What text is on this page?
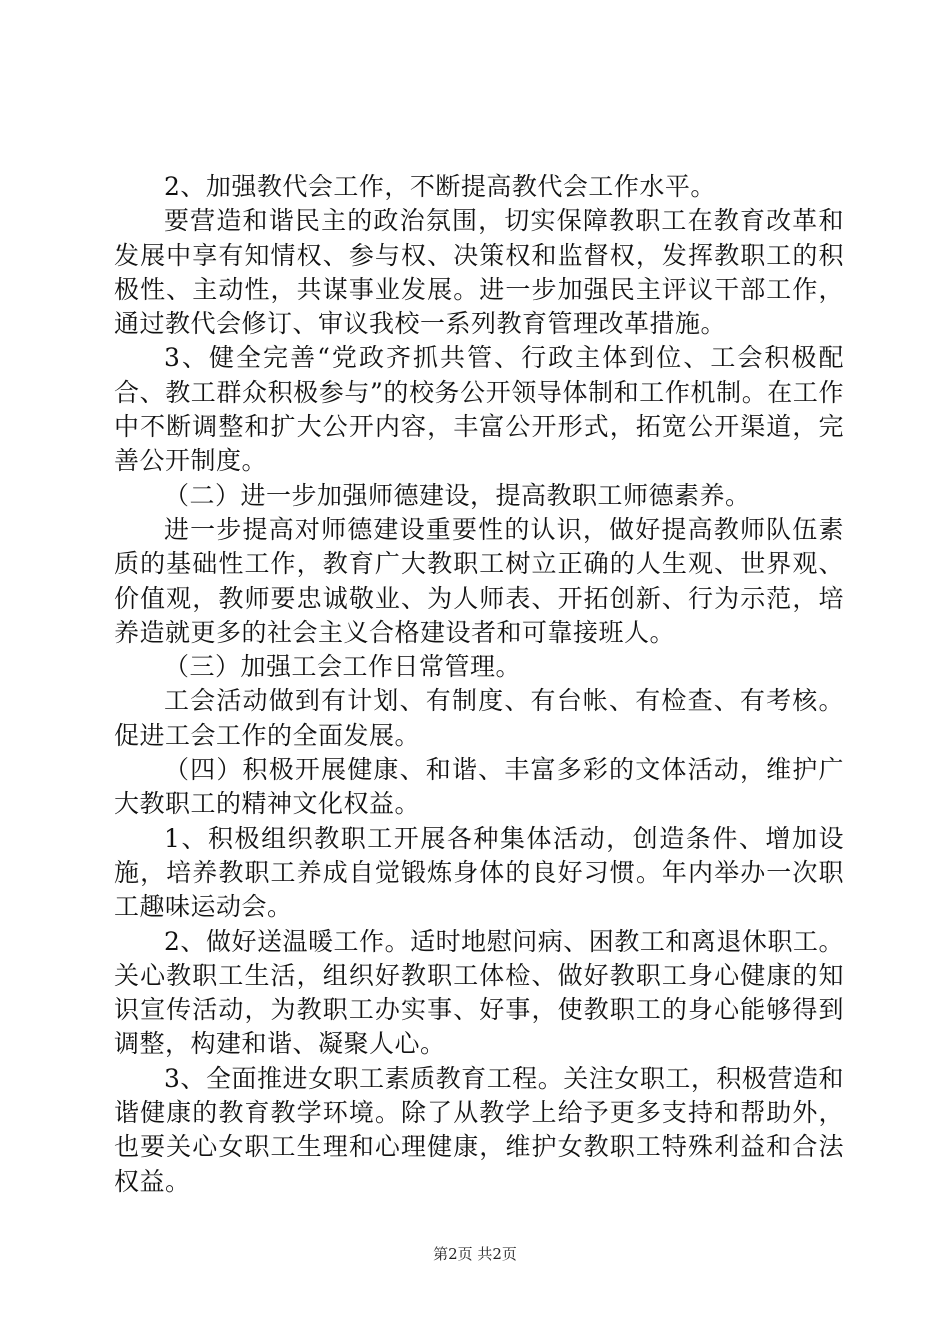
2、加强教代会工作，不断提高教代会工作水平。

要营造和谐民主的政治氛围，切实保障教职工在教育改革和发展中享有知情权、参与权、决策权和监督权，发挥教职工的积极性、主动性，共谋事业发展。进一步加强民主评议干部工作，通过教代会修订、审议我校一系列教育管理改革措施。

3、健全完善“党政齐抓共管、行政主体到位、工会积极配合、教工群众积极参与”的校务公开领导体制和工作机制。在工作中不断调整和扩大公开内容，丰富公开形式，拓宽公开渠道，完善公开制度。

（二）进一步加强师德建设，提高教职工师德素养。

进一步提高对师德建设重要性的认识，做好提高教师队伍素质的基础性工作，教育广大教职工树立正确的人生观、世界观、价值观，教师要忠诚敬业、为人师表、开拓创新、行为示范，培养造就更多的社会主义合格建设者和可靠接班人。

（三）加强工会工作日常管理。

工会活动做到有计划、有制度、有台帐、有检查、有考核。促进工会工作的全面发展。

（四）积极开展健康、和谐、丰富多彩的文体活动，维护广大教职工的精神文化权益。

1、积极组织教职工开展各种集体活动，创造条件、增加设施，培养教职工养成自觉锻炼身体的良好习惯。年内举办一次职工趣味运动会。

2、做好送温暖工作。适时地慰问病、困教工和离退休职工。关心教职工生活，组织好教职工体检、做好教职工身心健康的知识宣传活动，为教职工办实事、好事，使教职工的身心能够得到调整，构建和谐、凝聚人心。

3、全面推进女职工素质教育工程。关注女职工，积极营造和谐健康的教育教学环境。除了从教学上给予更多支持和帮助外，也要关心女职工生理和心理健康，维护女教职工特殊利益和合法权益。

第2页 共2页
